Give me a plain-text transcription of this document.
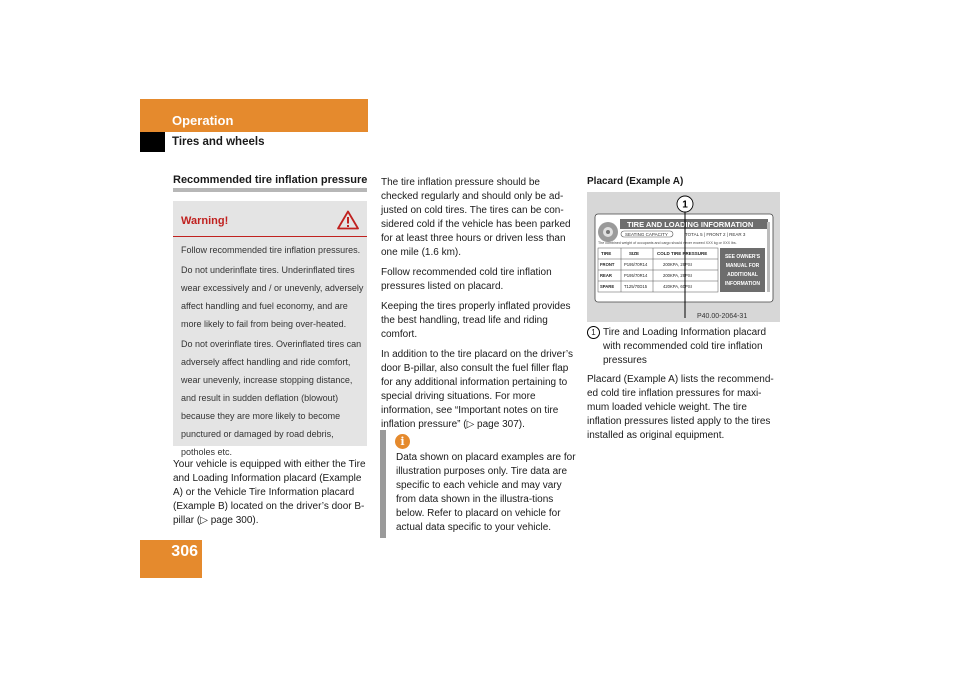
Operation
Tires and wheels
Recommended tire inflation pressure
Warning!

Follow recommended tire inflation pressures.

Do not underinflate tires. Underinflated tires wear excessively and / or unevenly, adversely affect handling and fuel economy, and are more likely to fail from being over-heated.

Do not overinflate tires. Overinflated tires can adversely affect handling and ride comfort, wear unevenly, increase stopping distance, and result in sudden deflation (blowout) because they are more likely to become punctured or damaged by road debris, potholes etc.

Your vehicle is equipped with either the Tire and Loading Information placard (Example A) or the Vehicle Tire Information placard (Example B) located on the driver’s door B-pillar (▷ page 300).

The tire inflation pressure should be checked regularly and should only be ad-justed on cold tires. The tires can be con-sidered cold if the vehicle has been parked for at least three hours or driven less than one mile (1.6 km).

Follow recommended cold tire inflation pressures listed on placard.

Keeping the tires properly inflated provides the best handling, tread life and riding comfort.

In addition to the tire placard on the driver’s door B-pillar, also consult the fuel filler flap for any additional information pertaining to special driving situations. For more information, see “Important notes on tire inflation pressure” (▷ page 307).

i
Data shown on placard examples are for illustration purposes only. Tire data are specific to each vehicle and may vary from data shown in the illustra-tions below. Refer to placard on vehicle for actual data specific to your vehicle.
Placard (Example A)
TIRE AND LOADING INFORMATION
SEATING CAPACITY	TOTAL 5 | FRONT 2 | REAR 3
The combined weight of occupants and cargo should never exceed XXX kg or XXX lbs.
TIRE	SIZE	COLD TIRE PRESSURE
FRONT P195/70R14	200KPA, 29PSI
REAR	P195/70R14	200KPA, 29PSI
SPARE T125/70D15	420KPA, 60PSI
SEE OWNER'S
MANUAL FOR
ADDITIONAL
INFORMATION
1
P40.00-2064-31
1 Tire and Loading Information placard with recommended cold tire inflation pressures
Placard (Example A) lists the recommend-ed cold tire inflation pressures for maxi-mum loaded vehicle weight. The tire inflation pressures listed apply to the tires installed as original equipment.
306
